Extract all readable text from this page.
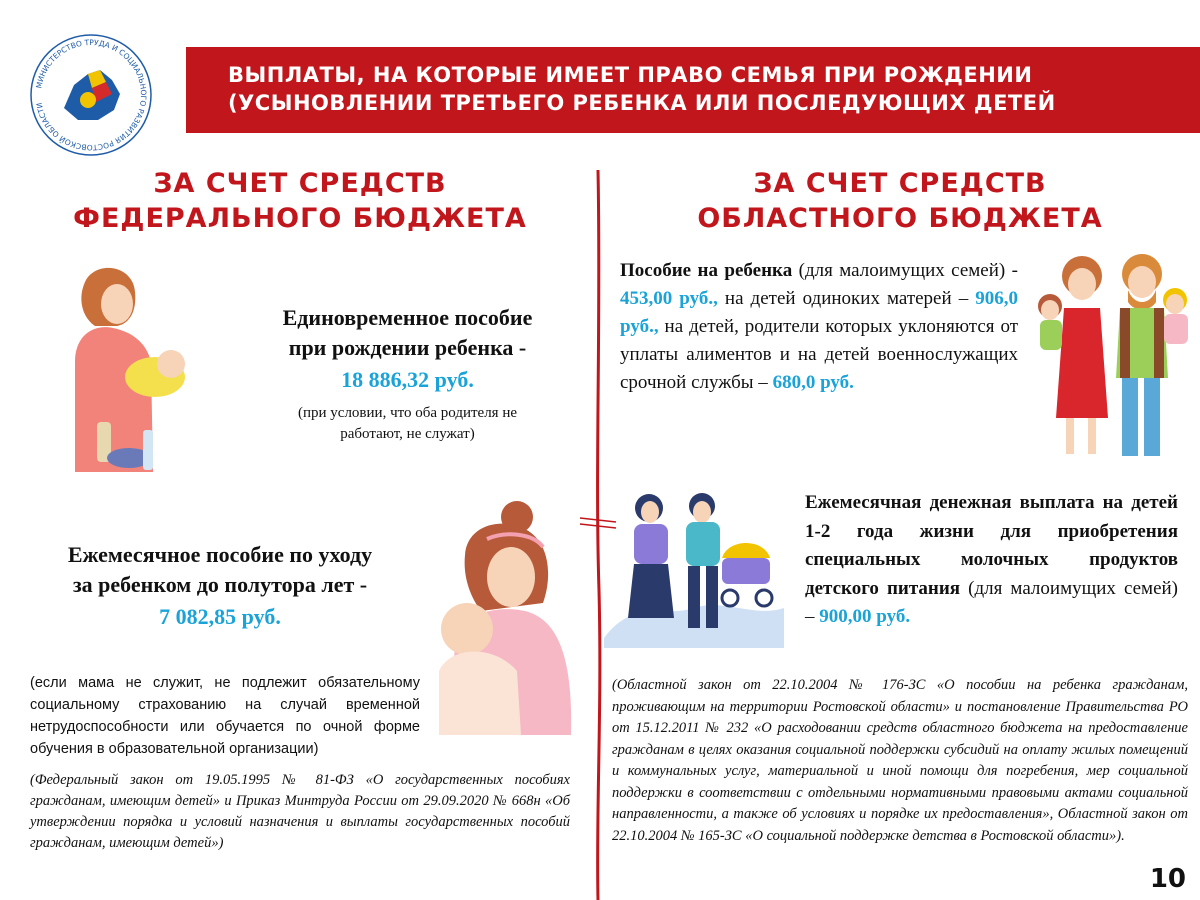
МИНИСТЕРСТВО ТРУДА И СОЦИАЛЬНОГО РАЗВИТИЯ РОСТОВСКОЙ ОБЛАСТИ
ВЫПЛАТЫ, НА КОТОРЫЕ ИМЕЕТ ПРАВО СЕМЬЯ ПРИ РОЖДЕНИИ
(УСЫНОВЛЕНИИ ТРЕТЬЕГО РЕБЕНКА ИЛИ ПОСЛЕДУЮЩИХ ДЕТЕЙ
ЗА СЧЕТ СРЕДСТВ
ФЕДЕРАЛЬНОГО БЮДЖЕТА
ЗА СЧЕТ СРЕДСТВ
ОБЛАСТНОГО БЮДЖЕТА
Единовременное пособие
при рождении ребенка -
18 886,32 руб.
(при условии, что оба родителя не работают, не служат)
Ежемесячное пособие по уходу
за ребенком до полутора лет -
7 082,85 руб.
(если мама не служит, не подлежит обязательному социальному страхованию на случай временной нетрудоспособности или обучается по очной форме обучения в образовательной организации)
(Федеральный закон от 19.05.1995 № 81-ФЗ «О государственных пособиях гражданам, имеющим детей» и Приказ Минтруда России от 29.09.2020 № 668н «Об утверждении порядка и условий назначения и выплаты государственных пособий гражданам, имеющим детей»)
Пособие на ребенка (для малоимущих семей) - 453,00 руб., на детей одиноких матерей – 906,0 руб., на детей, родители которых уклоняются от уплаты алиментов и на детей военнослужащих срочной службы – 680,0 руб.
Ежемесячная денежная выплата на детей 1-2 года жизни для приобретения специальных молочных продуктов детского питания (для малоимущих семей) – 900,00 руб.
(Областной закон от 22.10.2004 № 176-ЗС «О пособии на ребенка гражданам, проживающим на территории Ростовской области» и постановление Правительства РО от 15.12.2011 № 232 «О расходовании средств областного бюджета на предоставление гражданам в целях оказания социальной поддержки субсидий на оплату жилых помещений и коммунальных услуг, материальной и иной помощи для погребения, мер социальной поддержки в соответствии с отдельными нормативными правовыми актами социальной направленности, а также об условиях и порядке их предоставления», Областной закон от 22.10.2004 № 165-ЗС «О социальной поддержке детства в Ростовской области»).
10
